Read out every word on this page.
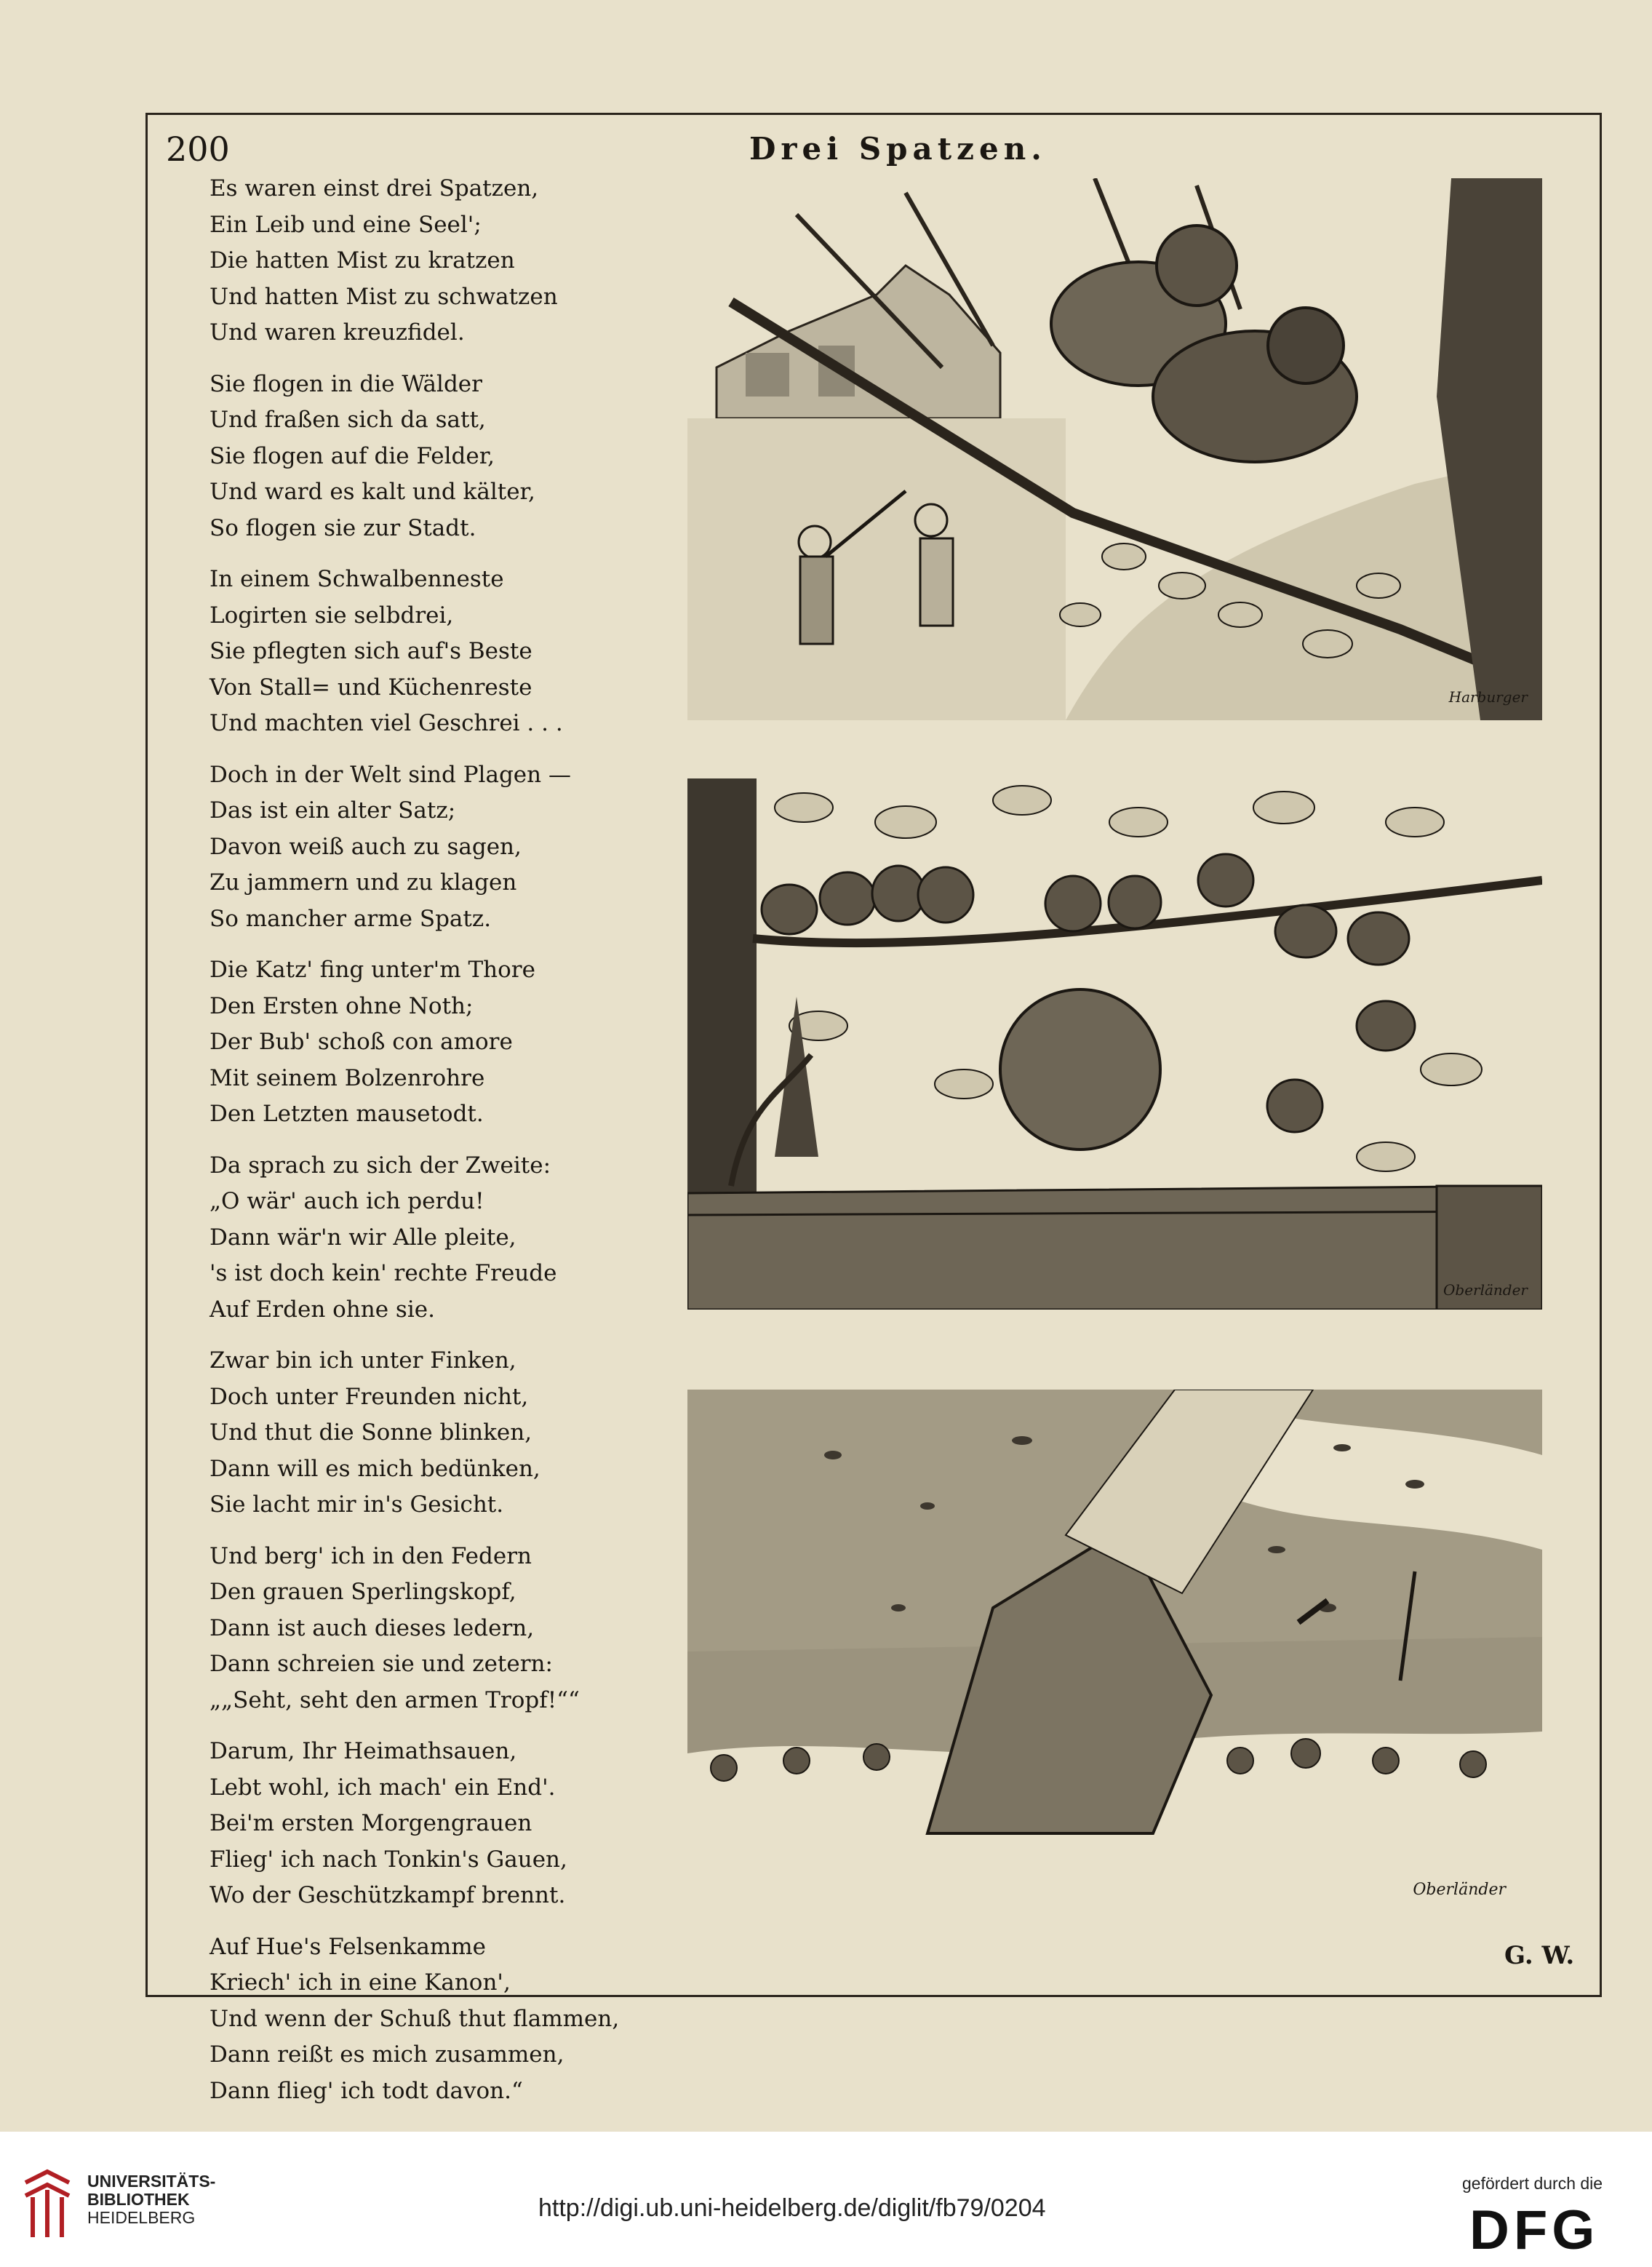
200	Drei Spatzen.
Es waren einst drei Spatzen,
Ein Leib und eine Seel';
Die hatten Mist zu kratzen
Und hatten Mist zu schwatzen
Und waren kreuzfidel.
Sie flogen in die Wälder
Und fraßen sich da satt,
Sie flogen auf die Felder,
Und ward es kalt und kälter,
So flogen sie zur Stadt.
In einem Schwalbenneste
Logirten sie selbdrei,
Sie pflegten sich auf's Beste
Von Stall= und Küchenreste
Und machten viel Geschrei . . .
Doch in der Welt sind Plagen —
Das ist ein alter Satz;
Davon weiß auch zu sagen,
Zu jammern und zu klagen
So mancher arme Spatz.
Die Katz' fing unter'm Thore
Den Ersten ohne Noth;
Der Bub' schoß con amore
Mit seinem Bolzenrohre
Den Letzten mausetodt.
Da sprach zu sich der Zweite:
„O wär' auch ich perdu!
Dann wär'n wir Alle pleite,
's ist doch kein' rechte Freude
Auf Erden ohne sie.
Zwar bin ich unter Finken,
Doch unter Freunden nicht,
Und thut die Sonne blinken,
Dann will es mich bedünken,
Sie lacht mir in's Gesicht.
Und berg' ich in den Federn
Den grauen Sperlingskopf,
Dann ist auch dieses ledern,
Dann schreien sie und zetern:
„„Seht, seht den armen Tropf!““
Darum, Ihr Heimathsauen,
Lebt wohl, ich mach' ein End'.
Bei'm ersten Morgengrauen
Flieg' ich nach Tonkin's Gauen,
Wo der Geschützkampf brennt.
Auf Hue's Felsenkamme
Kriech' ich in eine Kanon',
Und wenn der Schuß thut flammen,
Dann reißt es mich zusammen,
Dann flieg' ich todt davon.“
Harburger
Oberländer
Oberländer
G. W.
UNIVERSITÄTS-
BIBLIOTHEK
HEIDELBERG	http://digi.ub.uni-heidelberg.de/diglit/fb79/0204
gefördert durch die
DFG
